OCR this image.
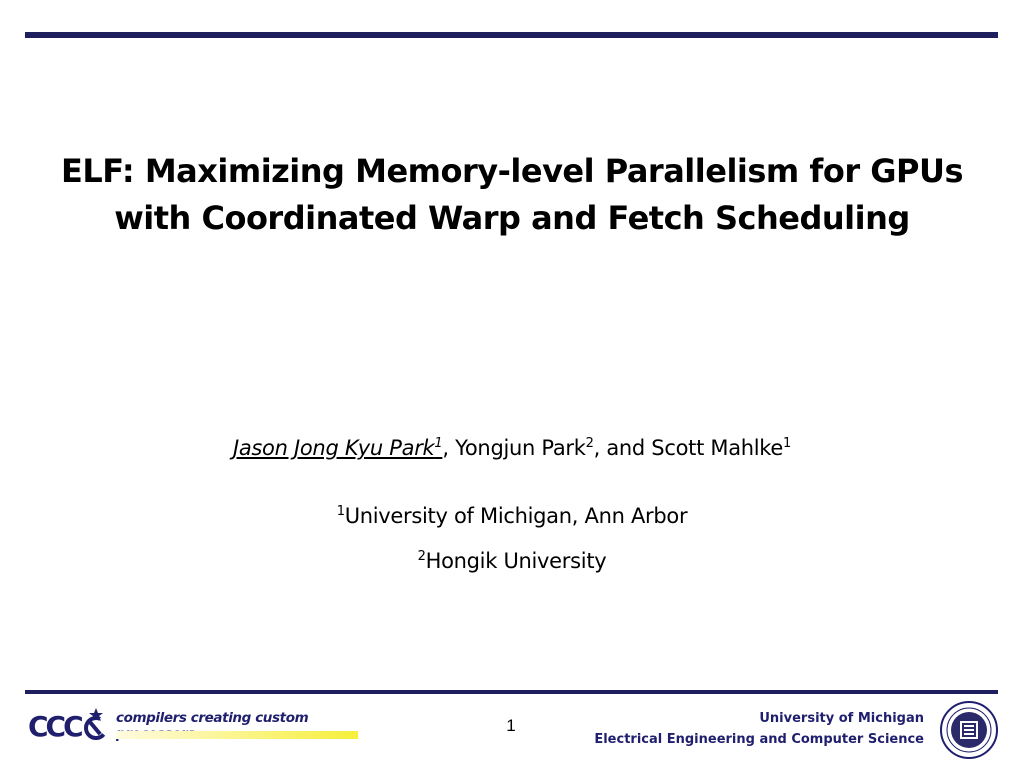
ELF: Maximizing Memory-level Parallelism for GPUs
with Coordinated Warp and Fetch Scheduling
Jason Jong Kyu Park$^1$, Yongjun Park$^2$, and Scott Mahlke$^1$
$^1$University of Michigan, Ann Arbor
$^2$Hongik University
CCC	compilers creating custom	1	University of Michigan
Electrical Engineering and Computer Science
